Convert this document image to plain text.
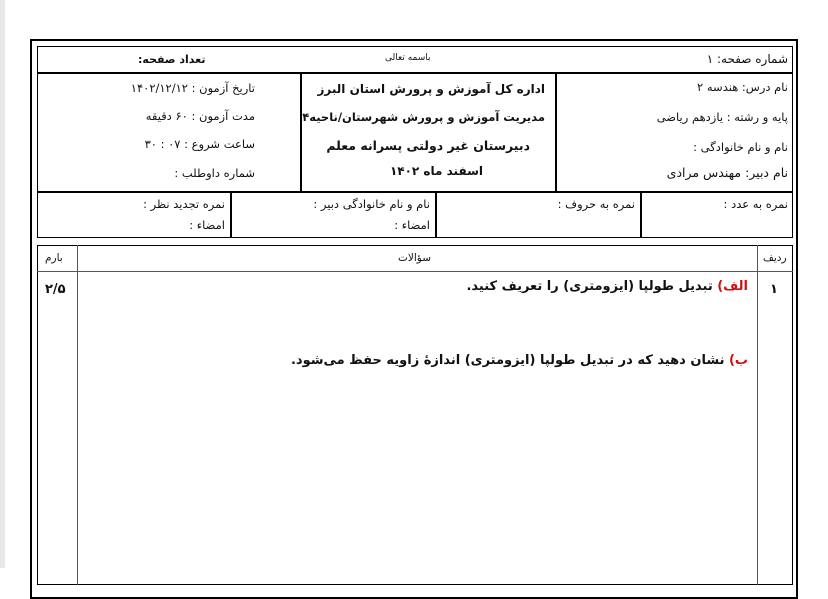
شماره صفحه: ۱
باسمه تعالی
تعداد صفحه:
نام درس: هندسه ۲
پایه و رشته : یازدهم ریاضی
نام و نام خانوادگی :
نام دبیر: مهندس مرادی
اداره کل آموزش و پرورش استان البرز
مدیریت آموزش و پرورش شهرستان/ناحیه۴
دبیرستان غیر دولتی پسرانه معلم
اسفند ماه ۱۴۰۲
تاریخ آزمون : ۱۴۰۲/۱۲/۱۲
مدت آزمون : ۶۰ دقیقه
ساعت شروع : ۰۷ : ۳۰
شماره داوطلب :
نمره به عدد :
نمره به حروف :
نام و نام خانوادگی دبیر :
امضاء :
نمره تجدید نظر :
امضاء :
ردیف
سؤالات
بارم
۱
۲/۵	الف) تبدیل طولپا (ایزومتری) را تعریف کنید.
ب) نشان دهید که در تبدیل طولپا (ایزومتری) اندازهٔ زاویه حفظ می‌شود.
